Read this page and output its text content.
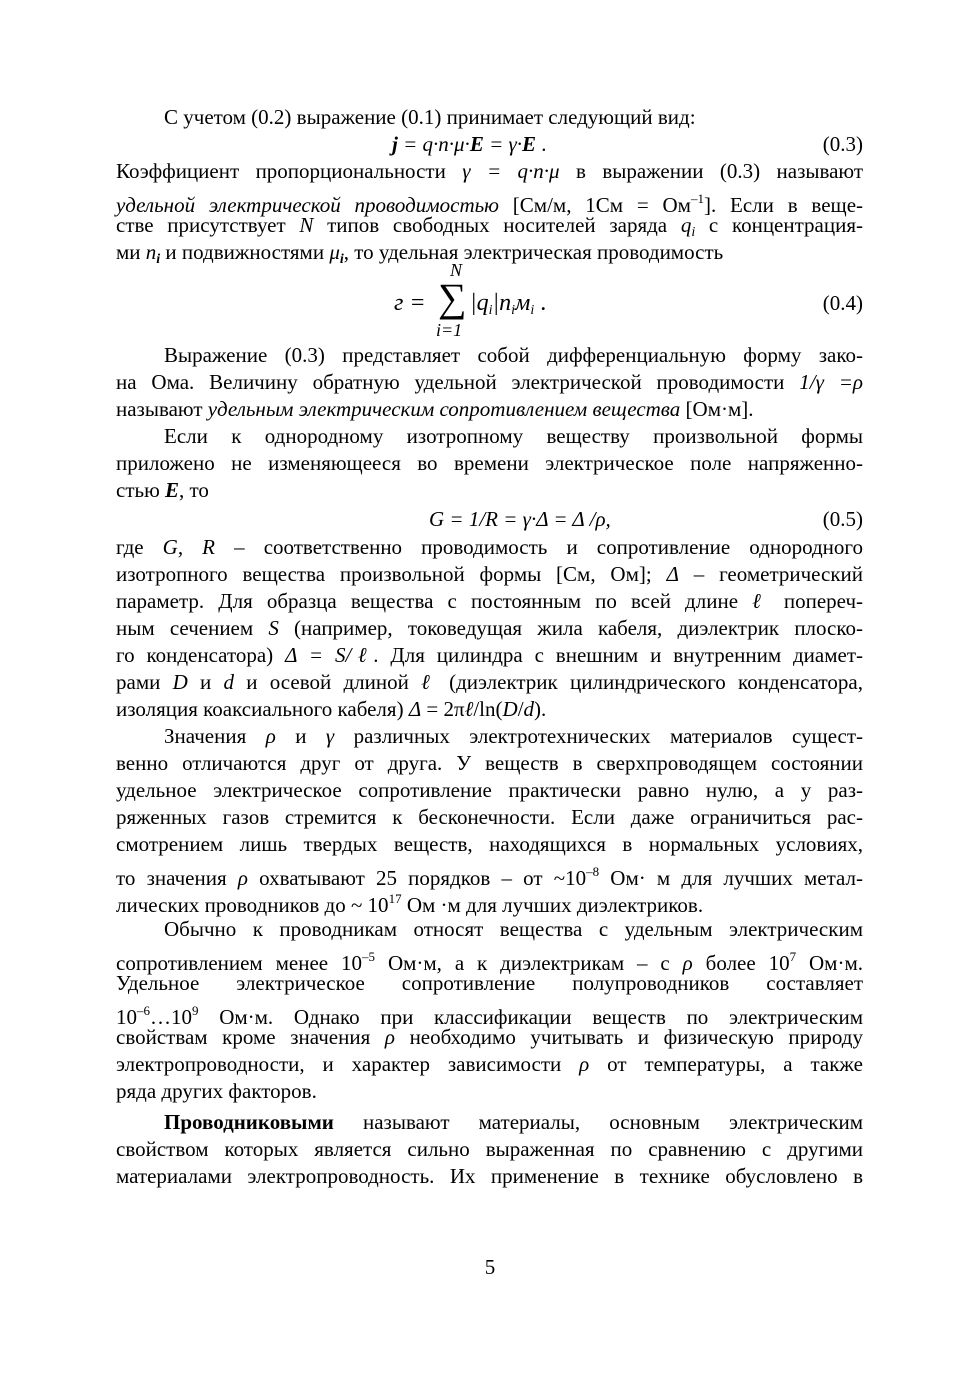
С учетом (0.2) выражение (0.1) принимает следующий вид:
j = q·n·μ·E = γ·E .	(0.3)
Коэффициент пропорциональности γ = q·n·μ в выражении (0.3) называют
удельной электрической проводимостью [См/м, $1См = Ом^{-1}$]. Если в веще-
стве присутствует N типов свободных носителей заряда $q_i$ с концентрация-
ми $n_i$ и подвижностями $\mu_i$, то удельная электрическая проводимость
г =
N
∑
i=1
$|q_i|n_iм_i$ .	(0.4)
Выражение (0.3) представляет собой дифференциальную форму зако-
на Ома. Величину обратную удельной электрической проводимости 1/γ =ρ
называют удельным электрическим сопротивлением вещества [Ом·м].
Если к однородному изотропному веществу произвольной формы
приложено не изменяющееся во времени электрическое поле напряженно-
стью E, то
G = 1/R = γ·Δ = Δ /ρ,	(0.5)
где G, R – соответственно проводимость и сопротивление однородного
изотропного вещества произвольной формы [См, Ом]; Δ – геометрический
параметр. Для образца вещества с постоянным по всей длине ℓ попереч-
ным сечением S (например, токоведущая жила кабеля, диэлектрик плоско-
го конденсатора) Δ = S/ℓ. Для цилиндра с внешним и внутренним диамет-
рами D и d и осевой длиной ℓ (диэлектрик цилиндрического конденсатора,
изоляция коаксиального кабеля) Δ = 2πℓ/ln(D/d).
Значения ρ и γ различных электротехнических материалов сущест-
венно отличаются друг от друга. У веществ в сверхпроводящем состоянии
удельное электрическое сопротивление практически равно нулю, а у раз-
ряженных газов стремится к бесконечности. Если даже ограничиться рас-
смотрением лишь твердых веществ, находящихся в нормальных условиях,
то значения ρ охватывают 25 порядков – от $\sim 10^{-8}$ Ом· м для лучших метал-
лических проводников до ~ $10^{17}$ Ом ·м для лучших диэлектриков.
Обычно к проводникам относят вещества с удельным электрическим
сопротивлением менее $10^{-5}$ Ом·м, а к диэлектрикам – с ρ более $10^7$ Ом·м.
Удельное электрическое сопротивление полупроводников составляет
$10^{-6}\dots 10^9$ Ом·м. Однако при классификации веществ по электрическим
свойствам кроме значения ρ необходимо учитывать и физическую природу
электропроводности, и характер зависимости ρ от температуры, а также
ряда других факторов.
Проводниковыми называют материалы, основным электрическим
свойством которых является сильно выраженная по сравнению с другими
материалами электропроводность. Их применение в технике обусловлено в
5
